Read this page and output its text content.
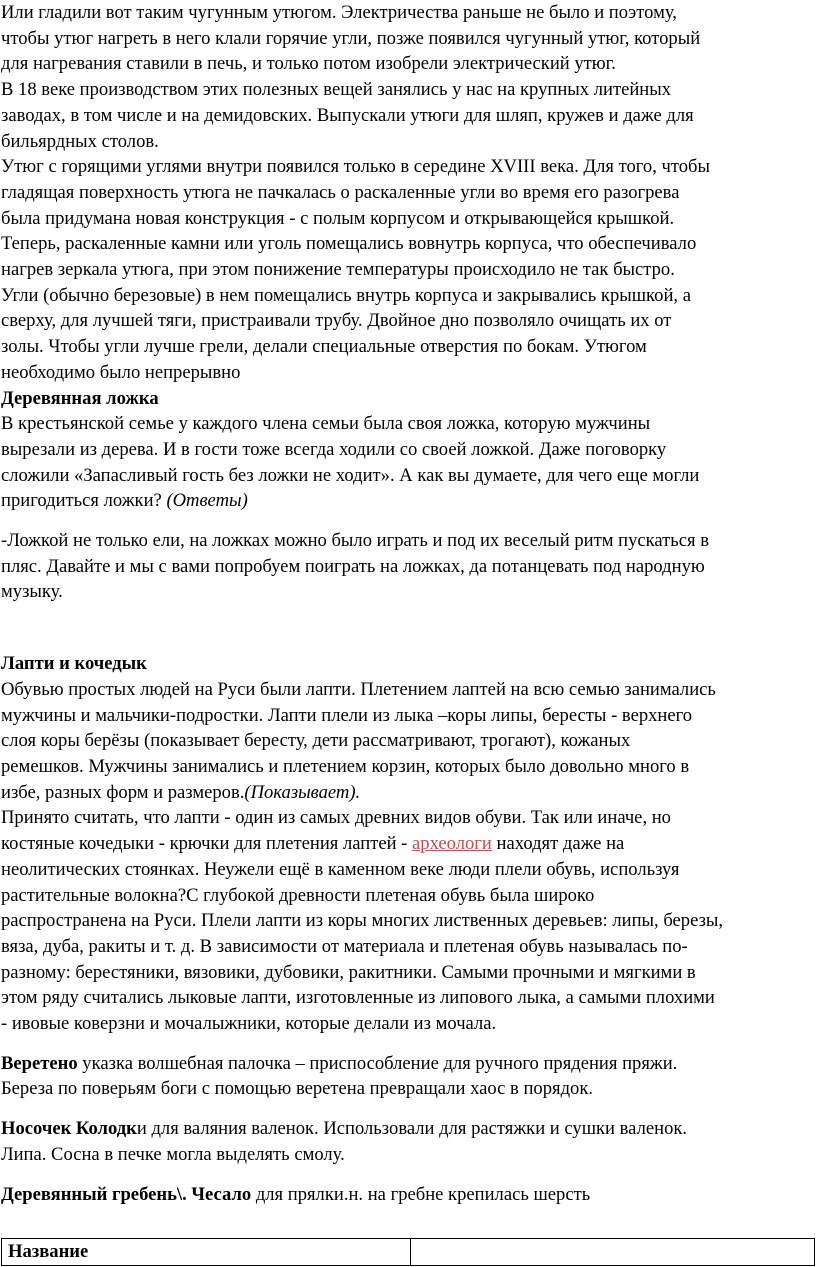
Или гладили вот таким чугунным утюгом. Электричества раньше не было и поэтому,

чтобы утюг нагреть в него клали горячие угли, позже появился чугунный утюг, который

для нагревания ставили в печь, и только потом изобрели электрический утюг.

В 18 веке производством этих полезных вещей занялись у нас на крупных литейных

заводах, в том числе и на демидовских. Выпускали утюги для шляп, кружев и даже для

бильярдных столов.

Утюг с горящими углями внутри появился только в середине XVIII века. Для того, чтобы

гладящая поверхность утюга не пачкалась о раскаленные угли во время его разогрева

была придумана новая конструкция - с полым корпусом и открывающейся крышкой.

Теперь, раскаленные камни или уголь помещались вовнутрь корпуса, что обеспечивало

нагрев зеркала утюга, при этом понижение температуры происходило не так быстро.

Угли (обычно березовые) в нем помещались внутрь корпуса и закрывались крышкой, а

сверху, для лучшей тяги, пристраивали трубу. Двойное дно позволяло очищать их от

золы. Чтобы угли лучше грели, делали специальные отверстия по бокам. Утюгом

необходимо было непрерывно

Деревянная ложка

В крестьянской семье у каждого члена семьи была своя ложка, которую мужчины

вырезали из дерева. И в гости тоже всегда ходили со своей ложкой. Даже поговорку

сложили «Запасливый гость без ложки не ходит». А как вы думаете, для чего еще могли

пригодиться ложки? (Ответы)

-Ложкой не только ели, на ложках можно было играть и под их веселый ритм пускаться в

пляс. Давайте и мы с вами попробуем поиграть на ложках, да потанцевать под народную

музыку.

Лапти и кочедык

Обувью простых людей на Руси были лапти. Плетением лаптей на всю семью занимались

мужчины и мальчики-подростки. Лапти плели из лыка –коры липы, бересты - верхнего

слоя коры берёзы (показывает бересту, дети рассматривают, трогают), кожаных

ремешков. Мужчины занимались и плетением корзин, которых было довольно много в

избе, разных форм и размеров.(Показывает).

Принято считать, что лапти - один из самых древних видов обуви. Так или иначе, но

костяные кочедыки - крючки для плетения лаптей - археологи находят даже на

неолитических стоянках. Неужели ещё в каменном веке люди плели обувь, используя

растительные волокна?С глубокой древности плетеная обувь была широко

распространена на Руси. Плели лапти из коры многих лиственных деревьев: липы, березы,

вяза, дуба, ракиты и т. д. В зависимости от материала и плетеная обувь называлась по-

разному: берестяники, вязовики, дубовики, ракитники. Самыми прочными и мягкими в

этом ряду считались лыковые лапти, изготовленные из липового лыка, а самыми плохими

- ивовые коверзни и мочалыжники, которые делали из мочала.

Веретено указка волшебная палочка – приспособление для ручного прядения пряжи.

Береза по поверьям боги с помощью веретена превращали хаос в порядок.

Носочек Колодки для валяния валенок. Использовали для растяжки и сушки валенок.

Липа. Сосна в печке могла выделять смолу.

Деревянный гребень\. Чесало для прялки.н. на гребне крепилась шерсть

Название	
